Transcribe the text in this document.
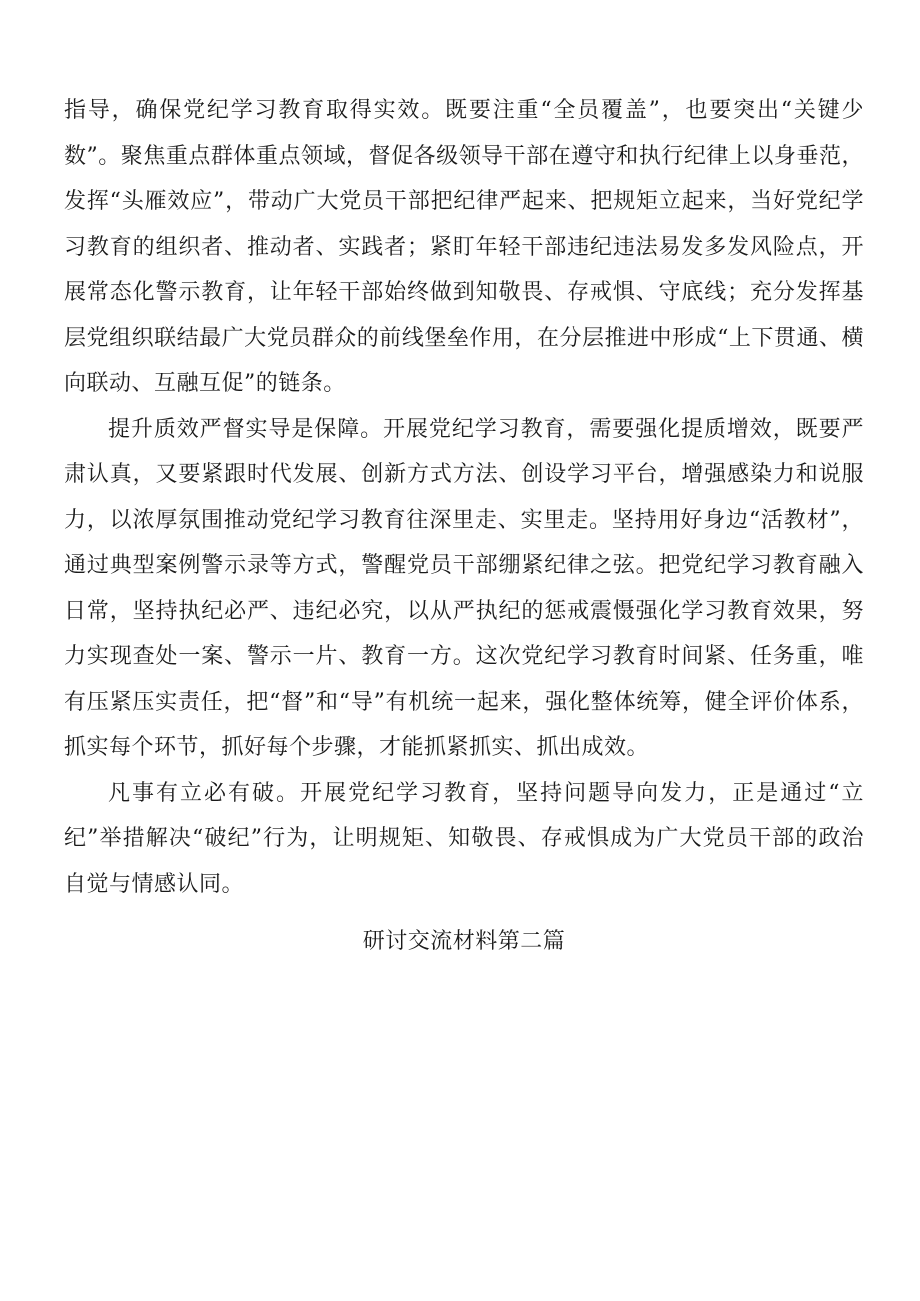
指导，确保党纪学习教育取得实效。既要注重“全员覆盖”，也要突出“关键少数”。聚焦重点群体重点领域，督促各级领导干部在遵守和执行纪律上以身垂范，发挥“头雁效应”，带动广大党员干部把纪律严起来、把规矩立起来，当好党纪学习教育的组织者、推动者、实践者；紧盯年轻干部违纪违法易发多发风险点，开展常态化警示教育，让年轻干部始终做到知敬畏、存戒惧、守底线；充分发挥基层党组织联结最广大党员群众的前线堡垒作用，在分层推进中形成“上下贯通、横向联动、互融互促”的链条。

提升质效严督实导是保障。开展党纪学习教育，需要强化提质增效，既要严肃认真，又要紧跟时代发展、创新方式方法、创设学习平台，增强感染力和说服力，以浓厚氛围推动党纪学习教育往深里走、实里走。坚持用好身边“活教材”，通过典型案例警示录等方式，警醒党员干部绷紧纪律之弦。把党纪学习教育融入日常，坚持执纪必严、违纪必究，以从严执纪的惩戒震慑强化学习教育效果，努力实现查处一案、警示一片、教育一方。这次党纪学习教育时间紧、任务重，唯有压紧压实责任，把“督”和“导”有机统一起来，强化整体统筹，健全评价体系，抓实每个环节，抓好每个步骤，才能抓紧抓实、抓出成效。

凡事有立必有破。开展党纪学习教育，坚持问题导向发力，正是通过“立纪”举措解决“破纪”行为，让明规矩、知敬畏、存戒惧成为广大党员干部的政治自觉与情感认同。

研讨交流材料第二篇
